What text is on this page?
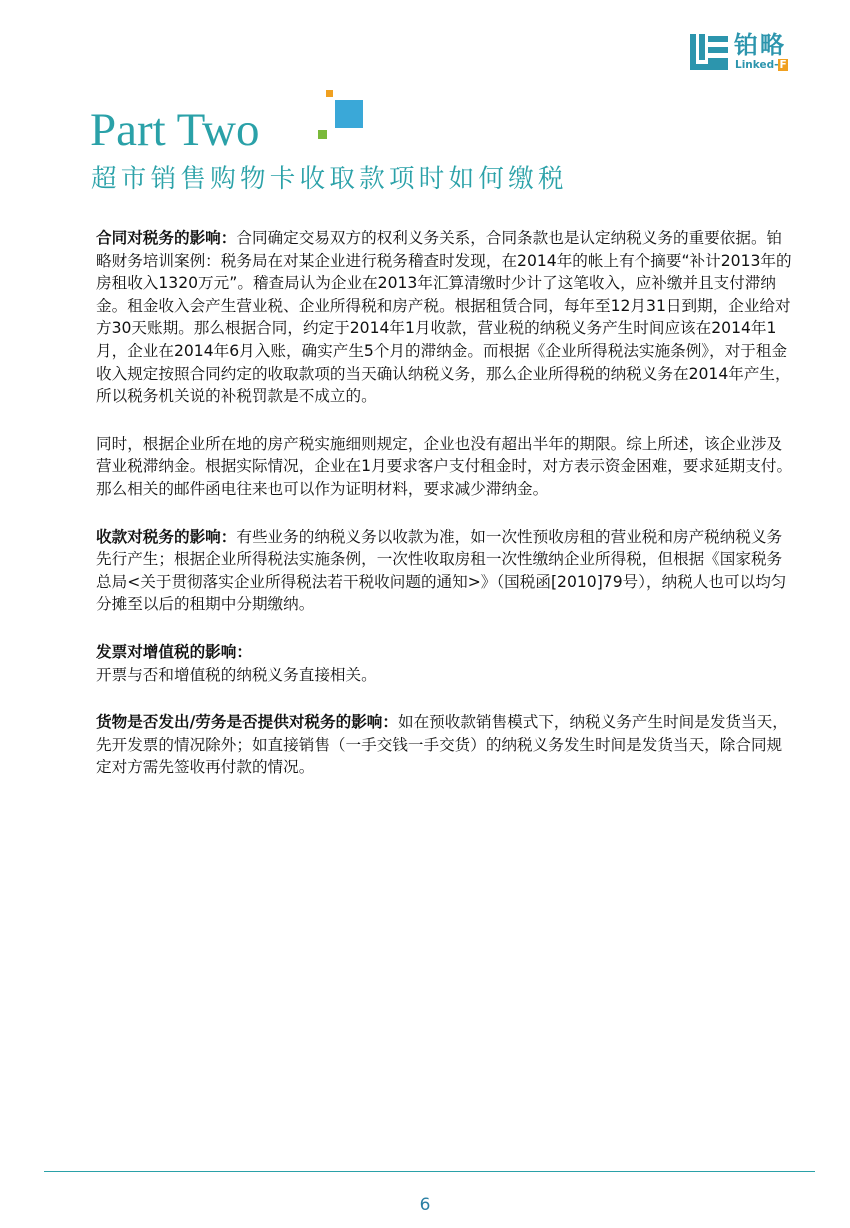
铂略
Linked-F
Part Two
超市销售购物卡收取款项时如何缴税

合同对税务的影响：合同确定交易双方的权利义务关系，合同条款也是认定纳税义务的重要依据。铂略财务培训案例：税务局在对某企业进行税务稽查时发现，在2014年的帐上有个摘要“补计2013年的房租收入1320万元”。稽查局认为企业在2013年汇算清缴时少计了这笔收入，应补缴并且支付滞纳金。租金收入会产生营业税、企业所得税和房产税。根据租赁合同，每年至12月31日到期，企业给对方30天账期。那么根据合同，约定于2014年1月收款，营业税的纳税义务产生时间应该在2014年1月，企业在2014年6月入账，确实产生5个月的滞纳金。而根据《企业所得税法实施条例》，对于租金收入规定按照合同约定的收取款项的当天确认纳税义务，那么企业所得税的纳税义务在2014年产生，所以税务机关说的补税罚款是不成立的。

同时，根据企业所在地的房产税实施细则规定，企业也没有超出半年的期限。综上所述，该企业涉及营业税滞纳金。根据实际情况，企业在1月要求客户支付租金时，对方表示资金困难，要求延期支付。那么相关的邮件函电往来也可以作为证明材料，要求减少滞纳金。

收款对税务的影响：有些业务的纳税义务以收款为准，如一次性预收房租的营业税和房产税纳税义务先行产生；根据企业所得税法实施条例，一次性收取房租一次性缴纳企业所得税，但根据《国家税务总局<关于贯彻落实企业所得税法若干税收问题的通知>》（国税函[2010]79号），纳税人也可以均匀分摊至以后的租期中分期缴纳。

发票对增值税的影响：
开票与否和增值税的纳税义务直接相关。

货物是否发出/劳务是否提供对税务的影响：如在预收款销售模式下，纳税义务产生时间是发货当天，先开发票的情况除外；如直接销售（一手交钱一手交货）的纳税义务发生时间是发货当天，除合同规定对方需先签收再付款的情况。

6
